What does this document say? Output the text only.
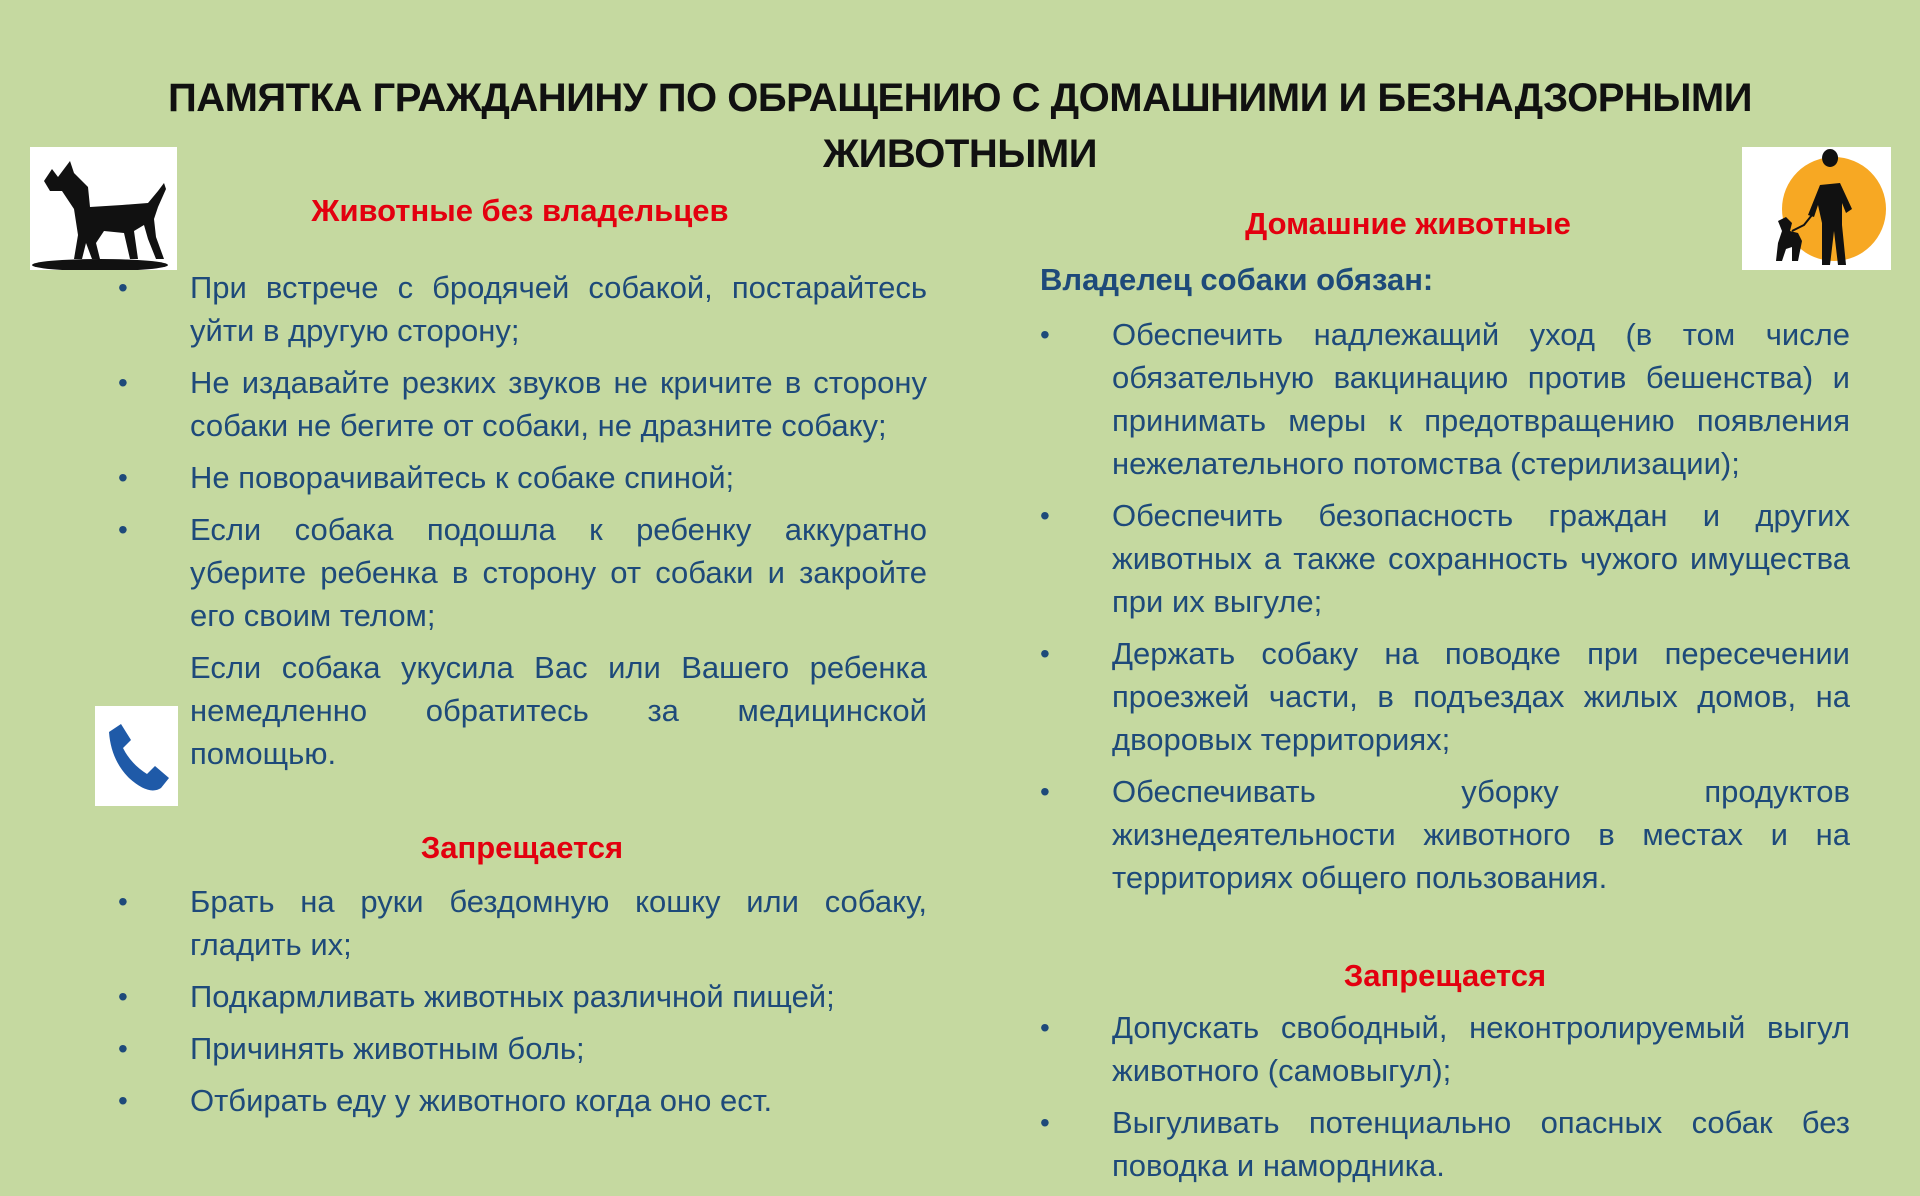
ПАМЯТКА ГРАЖДАНИНУ ПО ОБРАЩЕНИЮ С ДОМАШНИМИ И БЕЗНАДЗОРНЫМИ ЖИВОТНЫМИ
Животные без владельцев
• При встрече с бродячей собакой, постарайтесь уйти в другую сторону;
• Не издавайте резких звуков не кричите в сторону собаки не бегите от собаки, не дразните собаку;
• Не поворачивайтесь к собаке спиной;
• Если собака подошла к ребенку аккуратно уберите ребенка в сторону от собаки и закройте его своим телом;
Если собака укусила Вас или Вашего ребенка немедленно обратитесь за медицинской помощью.
Запрещается
• Брать на руки бездомную кошку или собаку, гладить их;
• Подкармливать животных различной пищей;
• Причинять животным боль;
• Отбирать еду у животного когда оно ест.
Домашние животные
Владелец собаки обязан:
• Обеспечить надлежащий уход (в том числе обязательную вакцинацию против бешенства) и принимать меры к предотвращению появления нежелательного потомства (стерилизации);
• Обеспечить безопасность граждан и других животных а также сохранность чужого имущества при их выгуле;
• Держать собаку на поводке при пересечении проезжей части, в подъездах жилых домов, на дворовых территориях;
• Обеспечивать уборку продуктов жизнедеятельности животного в местах и на территориях общего пользования.
Запрещается
• Допускать свободный, неконтролируемый выгул животного (самовыгул);
• Выгуливать потенциально опасных собак без поводка и намордника.
